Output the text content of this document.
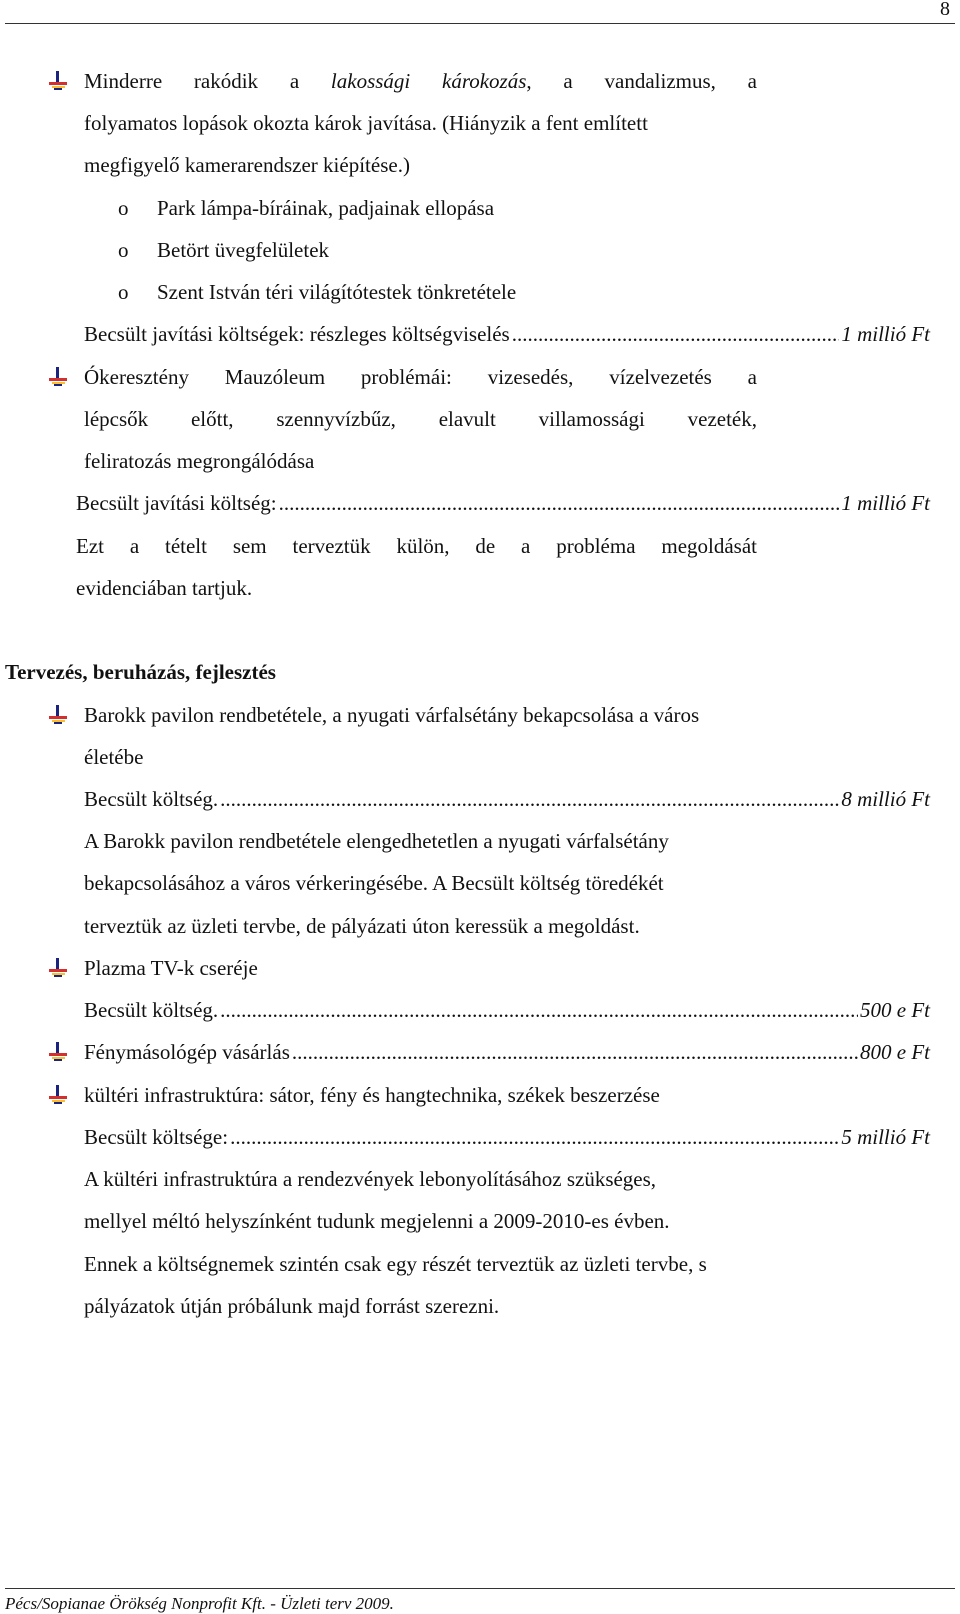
8
Minderre rakódik a lakossági károkozás, a vandalizmus, a
folyamatos lopások okozta károk javítása. (Hiányzik a fent említett
megfigyelő kamerarendszer kiépítése.)
o Park lámpa-bíráinak, padjainak ellopása
o Betört üvegfelületek
o Szent István téri világítótestek tönkretétele
Becsült javítási költségek: részleges költségviselés .....	1 millió Ft
Ókeresztény Mauzóleum problémái: vizesedés, vízelvezetés a
lépcsők előtt, szennyvízbűz, elavult villamossági vezeték,
feliratozás megrongálódása
Becsült javítási költség: .....	1 millió Ft
Ezt a tételt sem terveztük külön, de a probléma megoldását
evidenciában tartjuk.
Tervezés, beruházás, fejlesztés
Barokk pavilon rendbetétele, a nyugati várfalsétány bekapcsolása a város
életébe
Becsült költség. .....	8 millió Ft
A Barokk pavilon rendbetétele elengedhetetlen a nyugati várfalsétány
bekapcsolásához a város vérkeringésébe. A Becsült költség töredékét
terveztük az üzleti tervbe, de pályázati úton keressük a megoldást.
Plazma TV-k cseréje
Becsült költség. .....	500 e Ft
Fénymásológép vásárlás .....	800 e Ft
kültéri infrastruktúra: sátor, fény és hangtechnika, székek beszerzése
Becsült költsége: .....	5 millió Ft
A kültéri infrastruktúra a rendezvények lebonyolításához szükséges,
mellyel méltó helyszínként tudunk megjelenni a 2009-2010-es évben.
Ennek a költségnemek szintén csak egy részét terveztük az üzleti tervbe, s
pályázatok útján próbálunk majd forrást szerezni.
Pécs/Sopianae Örökség Nonprofit Kft. - Üzleti terv 2009.
